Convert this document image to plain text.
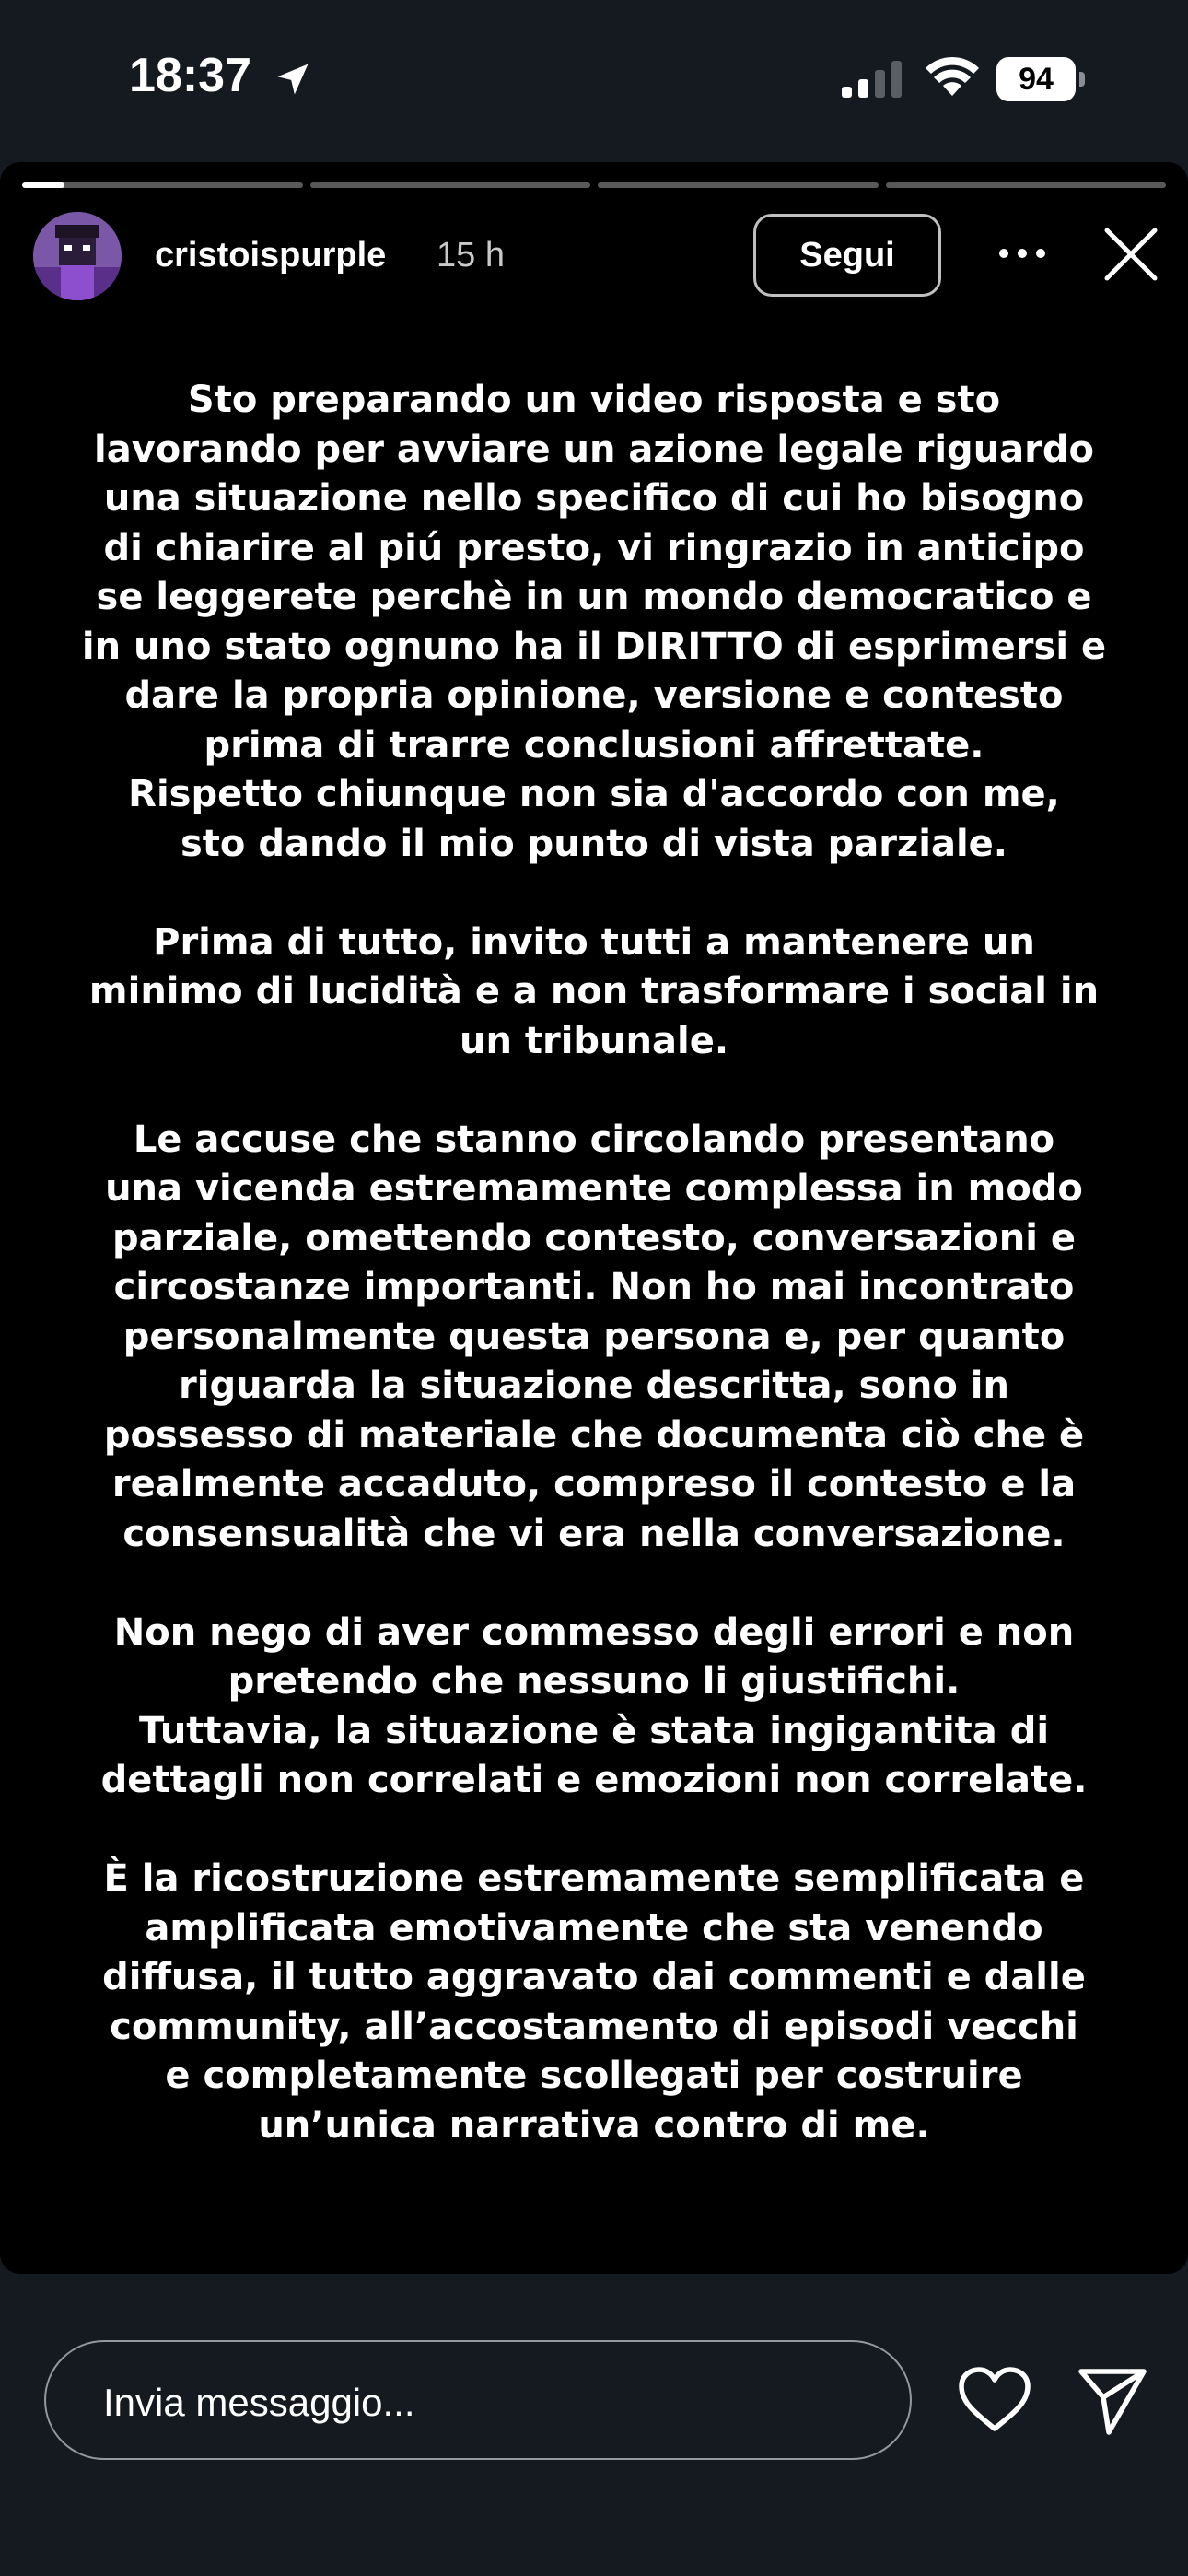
18:37	94
cristoispurple 15 h	Segui

Sto preparando un video risposta e sto

lavorando per avviare un azione legale riguardo

una situazione nello specifico di cui ho bisogno

di chiarire al piú presto, vi ringrazio in anticipo

se leggerete perchè in un mondo democratico e

in uno stato ognuno ha il DIRITTO di esprimersi e

dare la propria opinione, versione e contesto

prima di trarre conclusioni affrettate.

Rispetto chiunque non sia d'accordo con me,

sto dando il mio punto di vista parziale.

Prima di tutto, invito tutti a mantenere un

minimo di lucidità e a non trasformare i social in

un tribunale.

Le accuse che stanno circolando presentano

una vicenda estremamente complessa in modo

parziale, omettendo contesto, conversazioni e

circostanze importanti. Non ho mai incontrato

personalmente questa persona e, per quanto

riguarda la situazione descritta, sono in

possesso di materiale che documenta ciò che è

realmente accaduto, compreso il contesto e la

consensualità che vi era nella conversazione.

Non nego di aver commesso degli errori e non

pretendo che nessuno li giustifichi.

Tuttavia, la situazione è stata ingigantita di

dettagli non correlati e emozioni non correlate.

È la ricostruzione estremamente semplificata e

amplificata emotivamente che sta venendo

diffusa, il tutto aggravato dai commenti e dalle

community, all’accostamento di episodi vecchi

e completamente scollegati per costruire

un’unica narrativa contro di me.

Invia messaggio...
